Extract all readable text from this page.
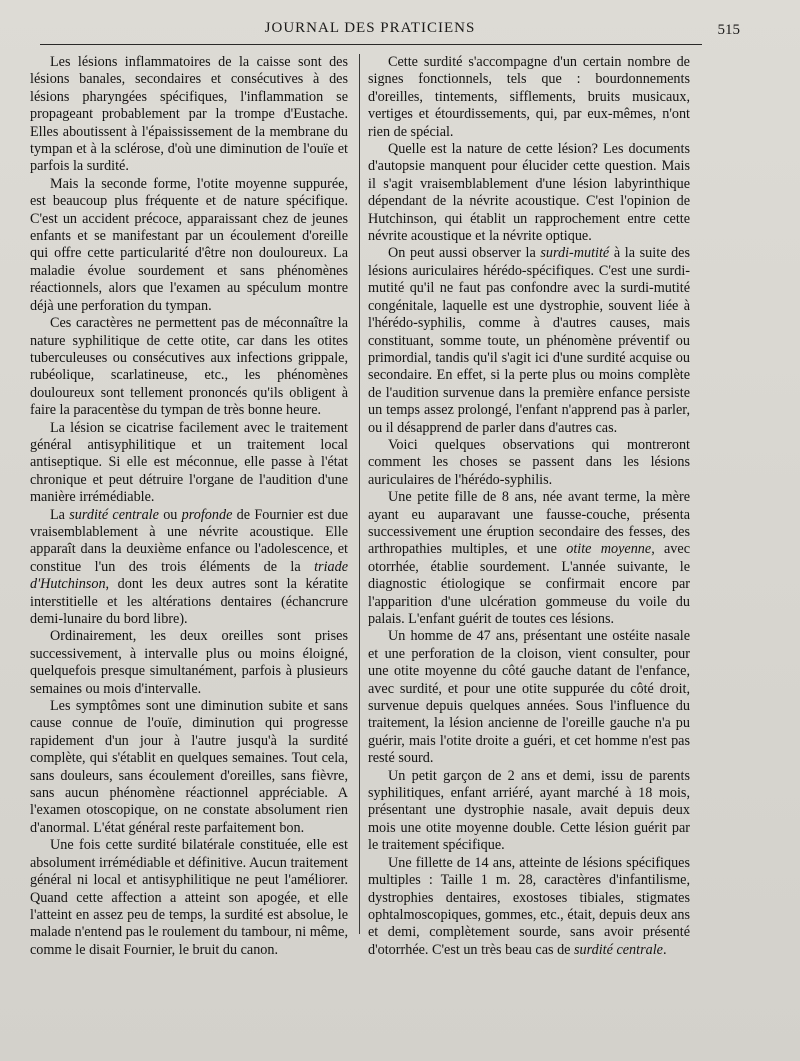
JOURNAL DES PRATICIENS	515

Les lésions inflammatoires de la caisse sont des lésions banales, secondaires et consécutives à des lésions pharyngées spécifiques, l'inflammation se propageant probablement par la trompe d'Eustache. Elles aboutissent à l'épaississement de la membrane du tympan et à la sclérose, d'où une diminution de l'ouïe et parfois la surdité.

Mais la seconde forme, l'otite moyenne suppurée, est beaucoup plus fréquente et de nature spécifique. C'est un accident précoce, apparaissant chez de jeunes enfants et se manifestant par un écoulement d'oreille qui offre cette particularité d'être non douloureux. La maladie évolue sourdement et sans phénomènes réactionnels, alors que l'examen au spéculum montre déjà une perforation du tympan.

Ces caractères ne permettent pas de méconnaître la nature syphilitique de cette otite, car dans les otites tuberculeuses ou consécutives aux infections grippale, rubéolique, scarlatineuse, etc., les phénomènes douloureux sont tellement prononcés qu'ils obligent à faire la paracentèse du tympan de très bonne heure.

La lésion se cicatrise facilement avec le traitement général antisyphilitique et un traitement local antiseptique. Si elle est méconnue, elle passe à l'état chronique et peut détruire l'organe de l'audition d'une manière irrémédiable.

La surdité centrale ou profonde de Fournier est due vraisemblablement à une névrite acoustique. Elle apparaît dans la deuxième enfance ou l'adolescence, et constitue l'un des trois éléments de la triade d'Hutchinson, dont les deux autres sont la kératite interstitielle et les altérations dentaires (échancrure demi-lunaire du bord libre).

Ordinairement, les deux oreilles sont prises successivement, à intervalle plus ou moins éloigné, quelquefois presque simultanément, parfois à plusieurs semaines ou mois d'intervalle.

Les symptômes sont une diminution subite et sans cause connue de l'ouïe, diminution qui progresse rapidement d'un jour à l'autre jusqu'à la surdité complète, qui s'établit en quelques semaines. Tout cela, sans douleurs, sans écoulement d'oreilles, sans fièvre, sans aucun phénomène réactionnel appréciable. A l'examen otoscopique, on ne constate absolument rien d'anormal. L'état général reste parfaitement bon.

Une fois cette surdité bilatérale constituée, elle est absolument irrémédiable et définitive. Aucun traitement général ni local et antisyphilitique ne peut l'améliorer. Quand cette affection a atteint son apogée, et elle l'atteint en assez peu de temps, la surdité est absolue, le malade n'entend pas le roulement du tambour, ni même, comme le disait Fournier, le bruit du canon.

Cette surdité s'accompagne d'un certain nombre de signes fonctionnels, tels que : bourdonnements d'oreilles, tintements, sifflements, bruits musicaux, vertiges et étourdissements, qui, par eux-mêmes, n'ont rien de spécial.

Quelle est la nature de cette lésion? Les documents d'autopsie manquent pour élucider cette question. Mais il s'agit vraisemblablement d'une lésion labyrinthique dépendant de la névrite acoustique. C'est l'opinion de Hutchinson, qui établit un rapprochement entre cette névrite acoustique et la névrite optique.

On peut aussi observer la surdi-mutité à la suite des lésions auriculaires hérédo-spécifiques. C'est une surdi-mutité qu'il ne faut pas confondre avec la surdi-mutité congénitale, laquelle est une dystrophie, souvent liée à l'hérédo-syphilis, comme à d'autres causes, mais constituant, somme toute, un phénomène préventif ou primordial, tandis qu'il s'agit ici d'une surdité acquise ou secondaire. En effet, si la perte plus ou moins complète de l'audition survenue dans la première enfance persiste un temps assez prolongé, l'enfant n'apprend pas à parler, ou il désapprend de parler dans d'autres cas.

Voici quelques observations qui montreront comment les choses se passent dans les lésions auriculaires de l'hérédo-syphilis.

Une petite fille de 8 ans, née avant terme, la mère ayant eu auparavant une fausse-couche, présenta successivement une éruption secondaire des fesses, des arthropathies multiples, et une otite moyenne, avec otorrhée, établie sourdement. L'année suivante, le diagnostic étiologique se confirmait encore par l'apparition d'une ulcération gommeuse du voile du palais. L'enfant guérit de toutes ces lésions.

Un homme de 47 ans, présentant une ostéite nasale et une perforation de la cloison, vient consulter, pour une otite moyenne du côté gauche datant de l'enfance, avec surdité, et pour une otite suppurée du côté droit, survenue depuis quelques années. Sous l'influence du traitement, la lésion ancienne de l'oreille gauche n'a pu guérir, mais l'otite droite a guéri, et cet homme n'est pas resté sourd.

Un petit garçon de 2 ans et demi, issu de parents syphilitiques, enfant arriéré, ayant marché à 18 mois, présentant une dystrophie nasale, avait depuis deux mois une otite moyenne double. Cette lésion guérit par le traitement spécifique.

Une fillette de 14 ans, atteinte de lésions spécifiques multiples : Taille 1 m. 28, caractères d'infantilisme, dystrophies dentaires, exostoses tibiales, stigmates ophtalmoscopiques, gommes, etc., était, depuis deux ans et demi, complètement sourde, sans avoir présenté d'otorrhée. C'est un très beau cas de surdité centrale.
